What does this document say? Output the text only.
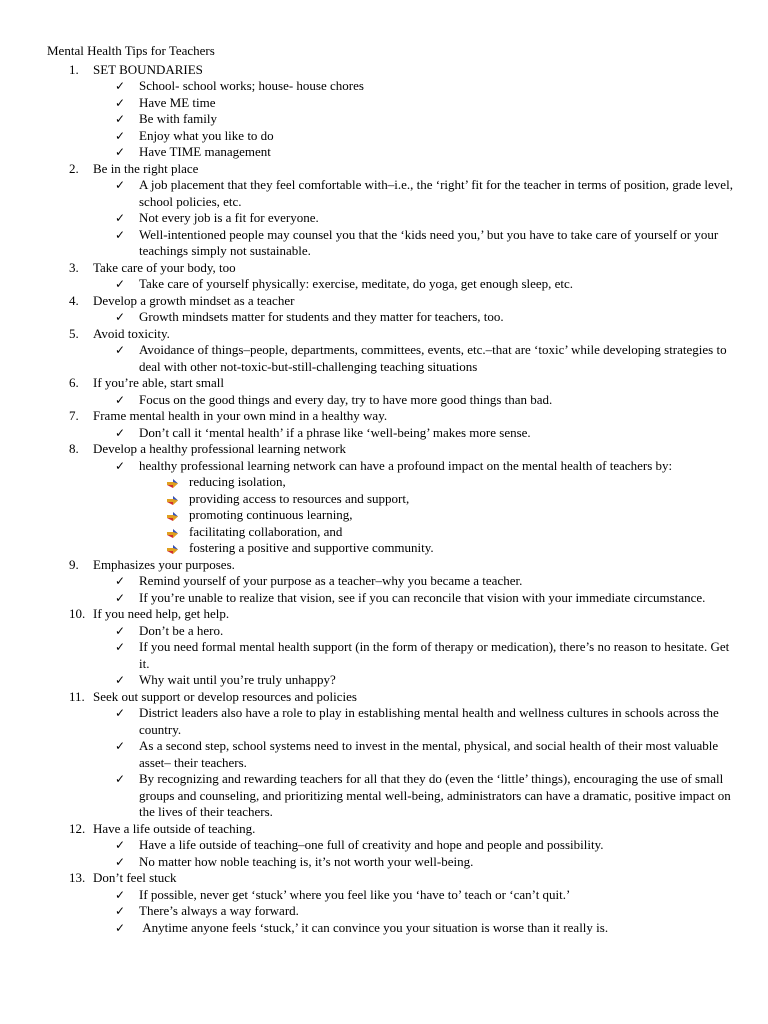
Mental Health Tips for Teachers
1.	SET BOUNDARIES
✓	School- school works; house- house chores
✓	Have ME time
✓	Be with family
✓	Enjoy what you like to do
✓	Have TIME management
2.	Be in the right place
✓	A job placement that they feel comfortable with–i.e., the ‘right’ fit for the teacher in terms of position, grade level, school policies, etc.
✓	Not every job is a fit for everyone.
✓	Well-intentioned people may counsel you that the ‘kids need you,’ but you have to take care of yourself or your teachings simply not sustainable.
3.	Take care of your body, too
✓	Take care of yourself physically: exercise, meditate, do yoga, get enough sleep, etc.
4.	Develop a growth mindset as a teacher
✓	Growth mindsets matter for students and they matter for teachers, too.
5.	Avoid toxicity.
✓	Avoidance of things–people, departments, committees, events, etc.–that are ‘toxic’ while developing strategies to deal with other not-toxic-but-still-challenging teaching situations
6.	If you’re able, start small
✓	Focus on the good things and every day, try to have more good things than bad.
7.	Frame mental health in your own mind in a healthy way.
✓	Don’t call it ‘mental health’ if a phrase like ‘well-being’ makes more sense.
8.	Develop a healthy professional learning network
✓	healthy professional learning network can have a profound impact on the mental health of teachers by:
reducing isolation,
providing access to resources and support,
promoting continuous learning,
facilitating collaboration, and
fostering a positive and supportive community.
9.	Emphasizes your purposes.
✓	Remind yourself of your purpose as a teacher–why you became a teacher.
✓	If you’re unable to realize that vision, see if you can reconcile that vision with your immediate circumstance.
10. If you need help, get help.
✓	Don’t be a hero.
✓	If you need formal mental health support (in the form of therapy or medication), there’s no reason to hesitate. Get it.
✓	Why wait until you’re truly unhappy?
11. Seek out support or develop resources and policies
✓	District leaders also have a role to play in establishing mental health and wellness cultures in schools across the country.
✓	As a second step, school systems need to invest in the mental, physical, and social health of their most valuable asset– their teachers.
✓	By recognizing and rewarding teachers for all that they do (even the ‘little’ things), encouraging the use of small groups and counseling, and prioritizing mental well-being, administrators can have a dramatic, positive impact on the lives of their teachers.
12. Have a life outside of teaching.
✓	Have a life outside of teaching–one full of creativity and hope and people and possibility.
✓	No matter how noble teaching is, it’s not worth your well-being.
13. Don’t feel stuck
✓	If possible, never get ‘stuck’ where you feel like you ‘have to’ teach or ‘can’t quit.’
✓	There’s always a way forward.
✓	Anytime anyone feels ‘stuck,’ it can convince you your situation is worse than it really is.
